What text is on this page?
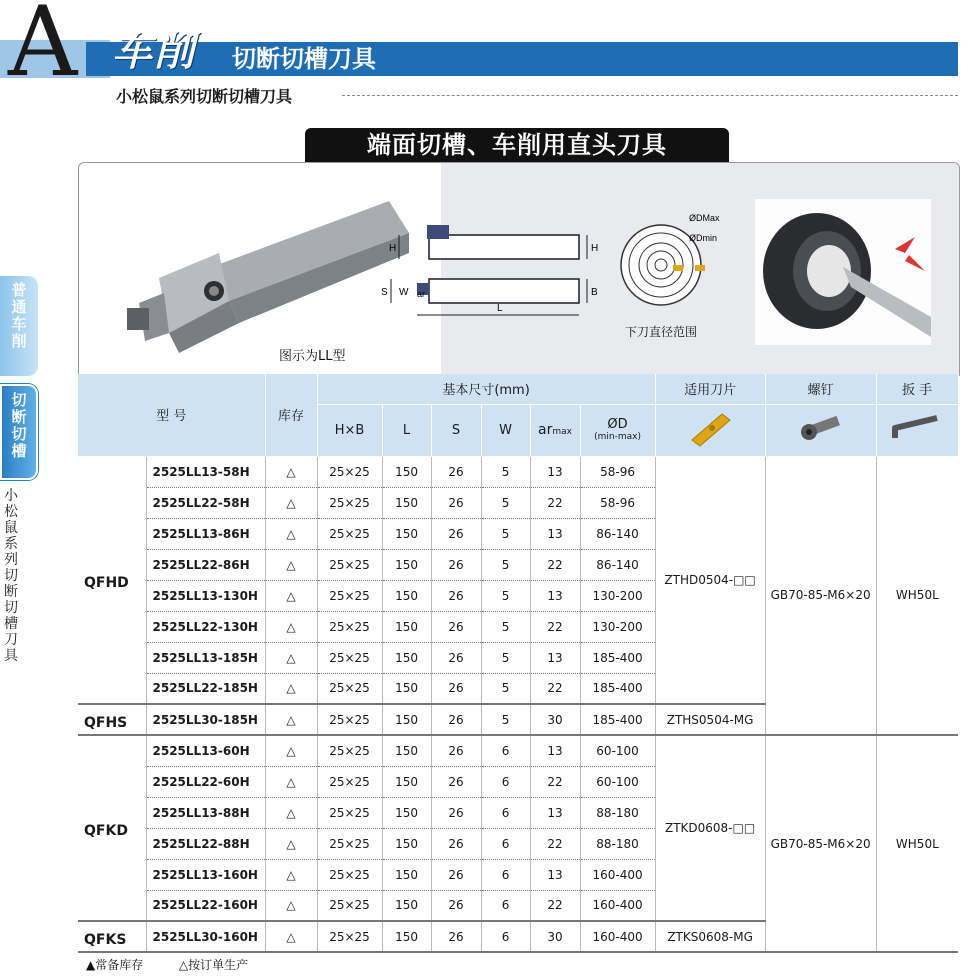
A 车削 切断切槽刀具
小松鼠系列切断切槽刀具
普通车削
切断切槽
小松鼠系列切断切槽刀具
端面切槽、车削用直头刀具
图示为LL型
H	H
B
S W ar
L
ØDMax
ØDmin
下刀直径范围
型 号		库存	基本尺寸(mm)						适用刀片	螺钉	扳 手
			H×B	L	S	W	armax	ØD
(min-max)

QFHD	2525LL13-58H	△	25×25	150	26	5	13	58-96	ZTHD0504-□□	GB70-85-M6×20	WH50L
	2525LL22-58H	△	25×25	150	26	5	22	58-96			
	2525LL13-86H	△	25×25	150	26	5	13	86-140			
	2525LL22-86H	△	25×25	150	26	5	22	86-140			
	2525LL13-130H	△	25×25	150	26	5	13	130-200			
	2525LL22-130H	△	25×25	150	26	5	22	130-200			
	2525LL13-185H	△	25×25	150	26	5	13	185-400			
	2525LL22-185H	△	25×25	150	26	5	22	185-400			
QFHS	2525LL30-185H	△	25×25	150	26	5	30	185-400	ZTHS0504-MG		
QFKD	2525LL13-60H	△	25×25	150	26	6	13	60-100	ZTKD0608-□□	GB70-85-M6×20	WH50L
	2525LL22-60H	△	25×25	150	26	6	22	60-100			
	2525LL13-88H	△	25×25	150	26	6	13	88-180			
	2525LL22-88H	△	25×25	150	26	6	22	88-180			
	2525LL13-160H	△	25×25	150	26	6	13	160-400			
	2525LL22-160H	△	25×25	150	26	6	22	160-400			
QFKS	2525LL30-160H	△	25×25	150	26	6	30	160-400	ZTKS0608-MG		
▲常备库存	△按订单生产
